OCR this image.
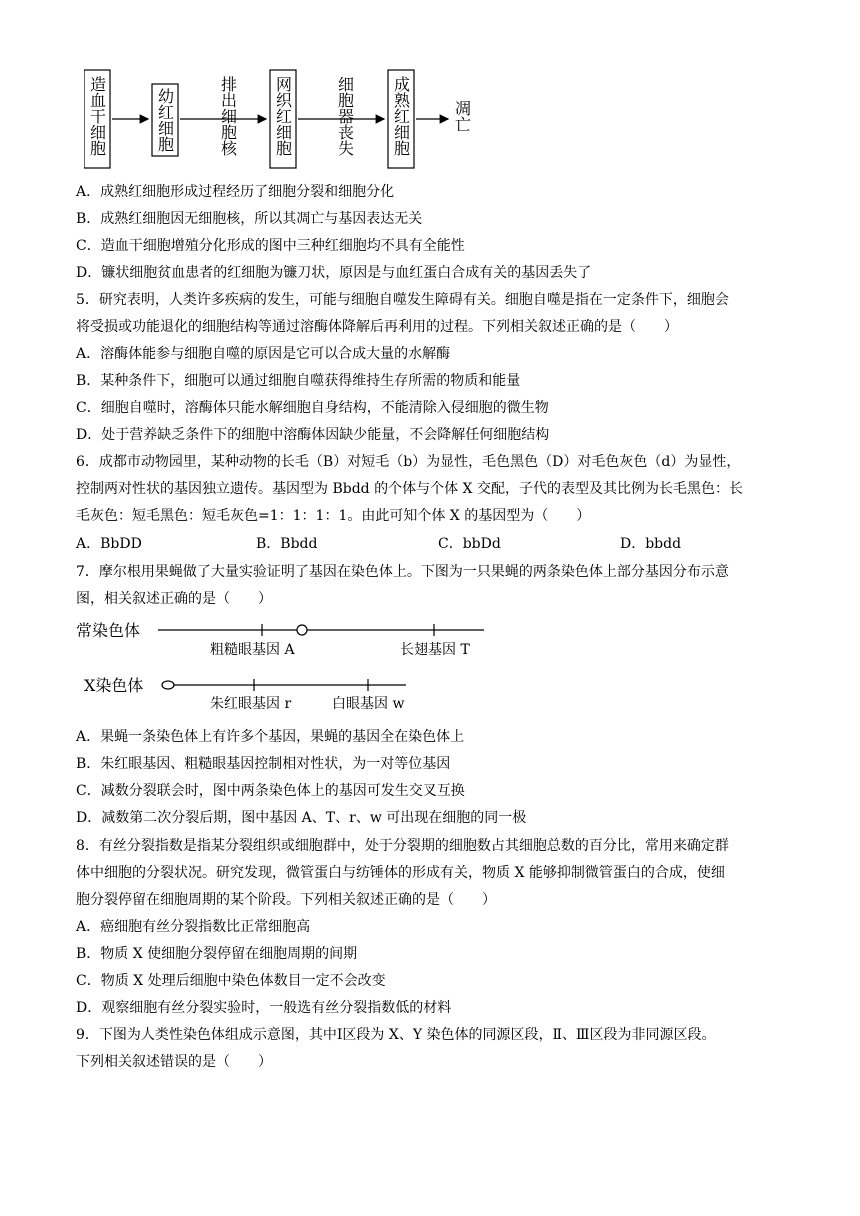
造血干细胞	幼红细胞	排出细胞核 网织红细胞	细胞器丧失 成熟红细胞	凋亡
A．成熟红细胞形成过程经历了细胞分裂和细胞分化
B．成熟红细胞因无细胞核，所以其凋亡与基因表达无关
C．造血干细胞增殖分化形成的图中三种红细胞均不具有全能性
D．镰状细胞贫血患者的红细胞为镰刀状，原因是与血红蛋白合成有关的基因丢失了
5．研究表明，人类许多疾病的发生，可能与细胞自噬发生障碍有关。细胞自噬是指在一定条件下，细胞会
将受损或功能退化的细胞结构等通过溶酶体降解后再利用的过程。下列相关叙述正确的是（　　）
A．溶酶体能参与细胞自噬的原因是它可以合成大量的水解酶
B．某种条件下，细胞可以通过细胞自噬获得维持生存所需的物质和能量
C．细胞自噬时，溶酶体只能水解细胞自身结构，不能清除入侵细胞的微生物
D．处于营养缺乏条件下的细胞中溶酶体因缺少能量，不会降解任何细胞结构
6．成都市动物园里，某种动物的长毛（B）对短毛（b）为显性，毛色黑色（D）对毛色灰色（d）为显性，
控制两对性状的基因独立遗传。基因型为 Bbdd 的个体与个体 X 交配，子代的表型及其比例为长毛黑色：长
毛灰色：短毛黑色：短毛灰色=1：1：1：1。由此可知个体 X 的基因型为（　　）
A．BbDD	B．Bbdd	C．bbDd	D．bbdd
7．摩尔根用果蝇做了大量实验证明了基因在染色体上。下图为一只果蝇的两条染色体上部分基因分布示意
图，相关叙述正确的是（　　）
常染色体
粗糙眼基因 A	长翅基因 T
X染色体
朱红眼基因 r	白眼基因 w
A．果蝇一条染色体上有许多个基因，果蝇的基因全在染色体上
B．朱红眼基因、粗糙眼基因控制相对性状，为一对等位基因
C．减数分裂联会时，图中两条染色体上的基因可发生交叉互换
D．减数第二次分裂后期，图中基因 A、T、r、w 可出现在细胞的同一极
8．有丝分裂指数是指某分裂组织或细胞群中，处于分裂期的细胞数占其细胞总数的百分比，常用来确定群
体中细胞的分裂状况。研究发现，微管蛋白与纺锤体的形成有关，物质 X 能够抑制微管蛋白的合成，使细
胞分裂停留在细胞周期的某个阶段。下列相关叙述正确的是（　　）
A．癌细胞有丝分裂指数比正常细胞高
B．物质 X 使细胞分裂停留在细胞周期的间期
C．物质 X 处理后细胞中染色体数目一定不会改变
D．观察细胞有丝分裂实验时，一般选有丝分裂指数低的材料
9．下图为人类性染色体组成示意图，其中Ⅰ区段为 X、Y 染色体的同源区段，Ⅱ、Ⅲ区段为非同源区段。
下列相关叙述错误的是（　　）
